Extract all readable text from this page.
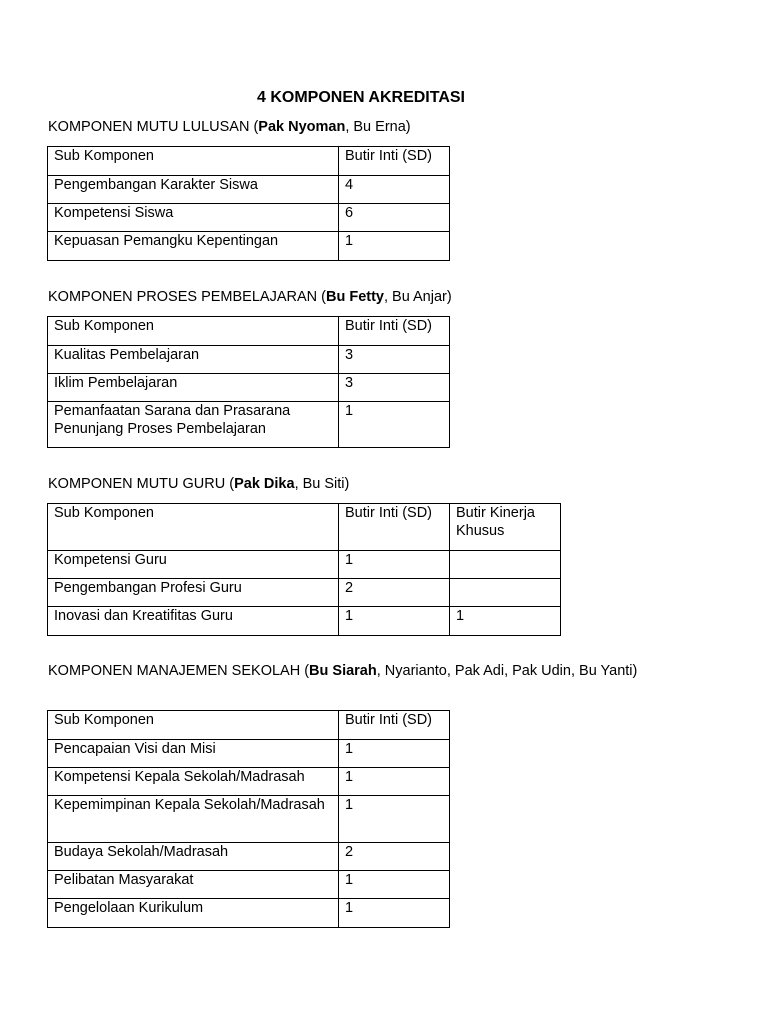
4 KOMPONEN AKREDITASI
KOMPONEN MUTU LULUSAN (Pak Nyoman, Bu Erna)
Sub Komponen	Butir Inti (SD)
Pengembangan Karakter Siswa	4
Kompetensi Siswa	6
Kepuasan Pemangku Kepentingan	1
KOMPONEN PROSES PEMBELAJARAN (Bu Fetty, Bu Anjar)
Sub Komponen	Butir Inti (SD)
Kualitas Pembelajaran	3
Iklim Pembelajaran	3
Pemanfaatan Sarana dan Prasarana Penunjang Proses Pembelajaran	1
KOMPONEN MUTU GURU (Pak Dika, Bu Siti)
Sub Komponen	Butir Inti (SD)	Butir Kinerja Khusus
Kompetensi Guru	1	
Pengembangan Profesi Guru	2	
Inovasi dan Kreatifitas Guru	1	1
KOMPONEN MANAJEMEN SEKOLAH (Bu Siarah, Nyarianto, Pak Adi, Pak Udin, Bu Yanti)
Sub Komponen	Butir Inti (SD)
Pencapaian Visi dan Misi	1
Kompetensi Kepala Sekolah/Madrasah	1
Kepemimpinan Kepala Sekolah/Madrasah	1
Budaya Sekolah/Madrasah	2
Pelibatan Masyarakat	1
Pengelolaan Kurikulum	1
